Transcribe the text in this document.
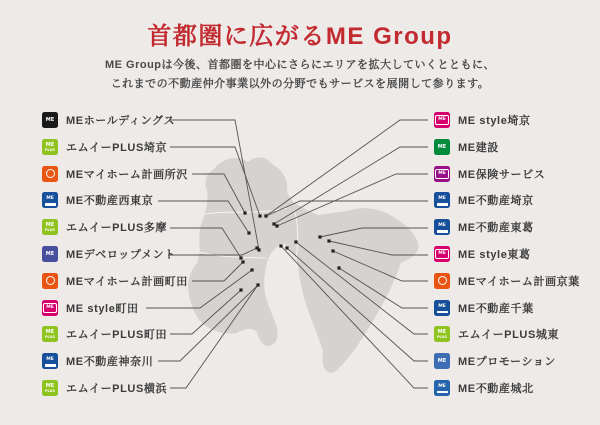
首都圏に広がるME Group
ME Groupは今後、首都圏を中心にさらにエリアを拡大していくとともに、
これまでの不動産仲介事業以外の分野でもサービスを展開して参ります。
ME MEホールディングス
ME
PLUS エムイーPLUS埼京
MEマイホーム計画所沢
ME ME不動産西東京
ME
PLUS エムイーPLUS多摩
ME MEデベロップメント
MEマイホーム計画町田
ME ME style町田
ME
PLUS エムイーPLUS町田
ME ME不動産神奈川
ME
PLUS エムイーPLUS横浜
ME ME style埼京
ME ME建設
ME ME保険サービス
ME ME不動産埼京
ME ME不動産東葛
ME ME style東葛
MEマイホーム計画京葉
ME ME不動産千葉
ME
PLUS エムイーPLUS城東
ME MEプロモーション
ME ME不動産城北
